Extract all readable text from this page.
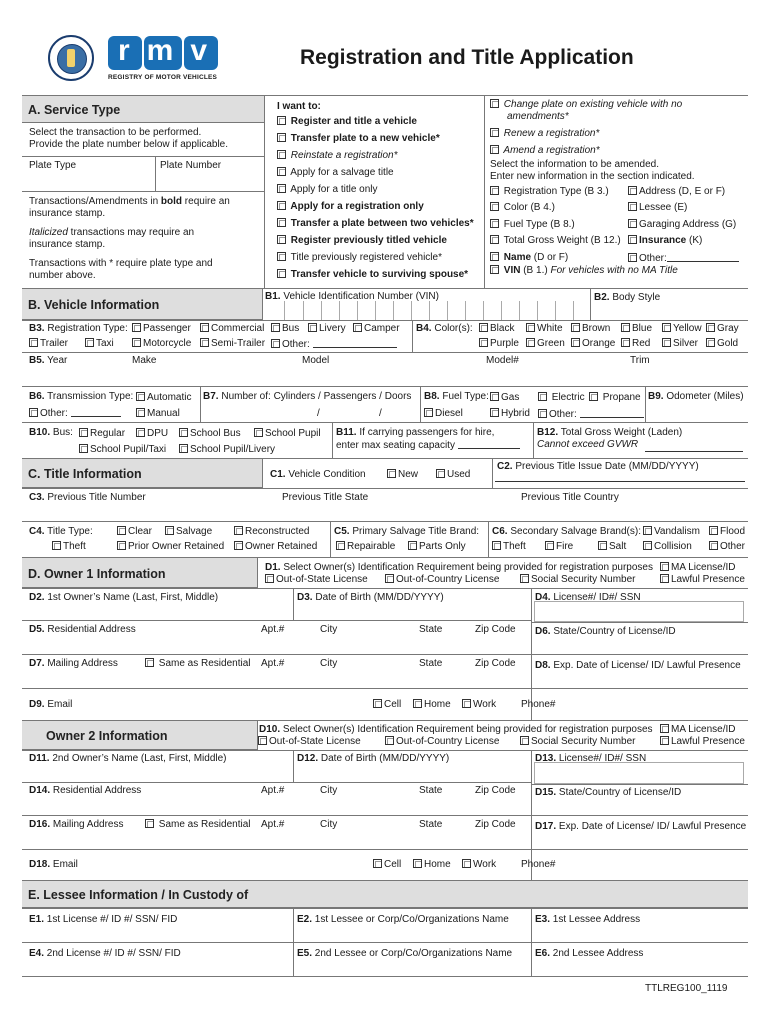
rmv
REGISTRY OF MOTOR VEHICLES
Registration and Title Application
A. Service Type
Select the transaction to be performed.
Provide the plate number below if applicable.
Plate Type	Plate Number
Transactions/Amendments in bold require an
insurance stamp.
Italicized transactions may require an
insurance stamp.
Transactions with * require plate type and
number above.
I want to:
Register and title a vehicle
Transfer plate to a new vehicle*
Reinstate a registration*
Apply for a salvage title
Apply for a title only
Apply for a registration only
Transfer a plate between two vehicles*
Register previously titled vehicle
Title previously registered vehicle*
Transfer vehicle to surviving spouse*
Change plate on existing vehicle with no
amendments*
Renew a registration*
Amend a registration*
Select the information to be amended.
Enter new information in the section indicated.
Registration Type (B 3.)	Address (D, E or F)
Color (B 4.)	Lessee (E)
Fuel Type (B 8.)	Garaging Address (G)
Total Gross Weight (B 12.)	Insurance (K)
Name (D or F)	Other:
VIN (B 1.) For vehicles with no MA Title
B. Vehicle Information
B1. Vehicle Identification Number (VIN)	B2. Body Style
B3. Registration Type:	Passenger	Commercial	Bus	Livery	Camper
Trailer	Taxi	Motorcycle	Semi-Trailer	Other:
B4. Color(s):	Black	White	Brown	Blue	Yellow	Gray
Purple	Green	Orange	Red	Silver	Gold
B5. Year	Make	Model	Model#	Trim
B6. Transmission Type:	Automatic
Other:	Manual
B7. Number of: Cylinders / Passengers / Doors
/	/
B8. Fuel Type:	Gas	Electric	Propane
Diesel	Hybrid	Other:
B9. Odometer (Miles)
B10. Bus:	Regular	DPU	School Bus	School Pupil
School Pupil/Taxi	School Pupil/Livery
B11. If carrying passengers for hire,
enter max seating capacity
B12. Total Gross Weight (Laden)
Cannot exceed GVWR
C. Title Information	C1. Vehicle Condition	New	Used
C2. Previous Title Issue Date (MM/DD/YYYY)
C3. Previous Title Number	Previous Title State	Previous Title Country
C4. Title Type:	Clear	Salvage	Reconstructed
Theft	Prior Owner Retained	Owner Retained
C5. Primary Salvage Title Brand:
Repairable	Parts Only
C6. Secondary Salvage Brand(s):	Vandalism	Flood
Theft	Fire	Salt	Collision	Other
D. Owner 1 Information	D1. Select Owner(s) Identification Requirement being provided for registration purposes	MA License/ID
Out-of-State License	Out-of-Country License	Social Security Number	Lawful Presence
D2. 1st Owner’s Name (Last, First, Middle)	D3. Date of Birth (MM/DD/YYYY)	D4. License#/ ID#/ SSN
D5. Residential Address	Apt.#	City	State	Zip Code D6. State/Country of License/ID
D7. Mailing Address	Same as Residential Apt.#	City	State	Zip Code D8. Exp. Date of License/ ID/ Lawful Presence
D9. Email	Cell	Home	Work Phone#
Owner 2 Information	D10. Select Owner(s) Identification Requirement being provided for registration purposes	MA License/ID
Out-of-State License	Out-of-Country License	Social Security Number	Lawful Presence
D11. 2nd Owner’s Name (Last, First, Middle)	D12. Date of Birth (MM/DD/YYYY)	D13. License#/ ID#/ SSN
D14. Residential Address	Apt.#	City	State	Zip Code D15. State/Country of License/ID
D16. Mailing Address	Same as Residential Apt.#	City	State	Zip Code D17. Exp. Date of License/ ID/ Lawful Presence
D18. Email	Cell	Home	Work Phone#
E. Lessee Information / In Custody of
E1. 1st License #/ ID #/ SSN/ FID	E2. 1st Lessee or Corp/Co/Organizations Name	E3. 1st Lessee Address
E4. 2nd License #/ ID #/ SSN/ FID	E5. 2nd Lessee or Corp/Co/Organizations Name E6. 2nd Lessee Address
TTLREG100_1119
